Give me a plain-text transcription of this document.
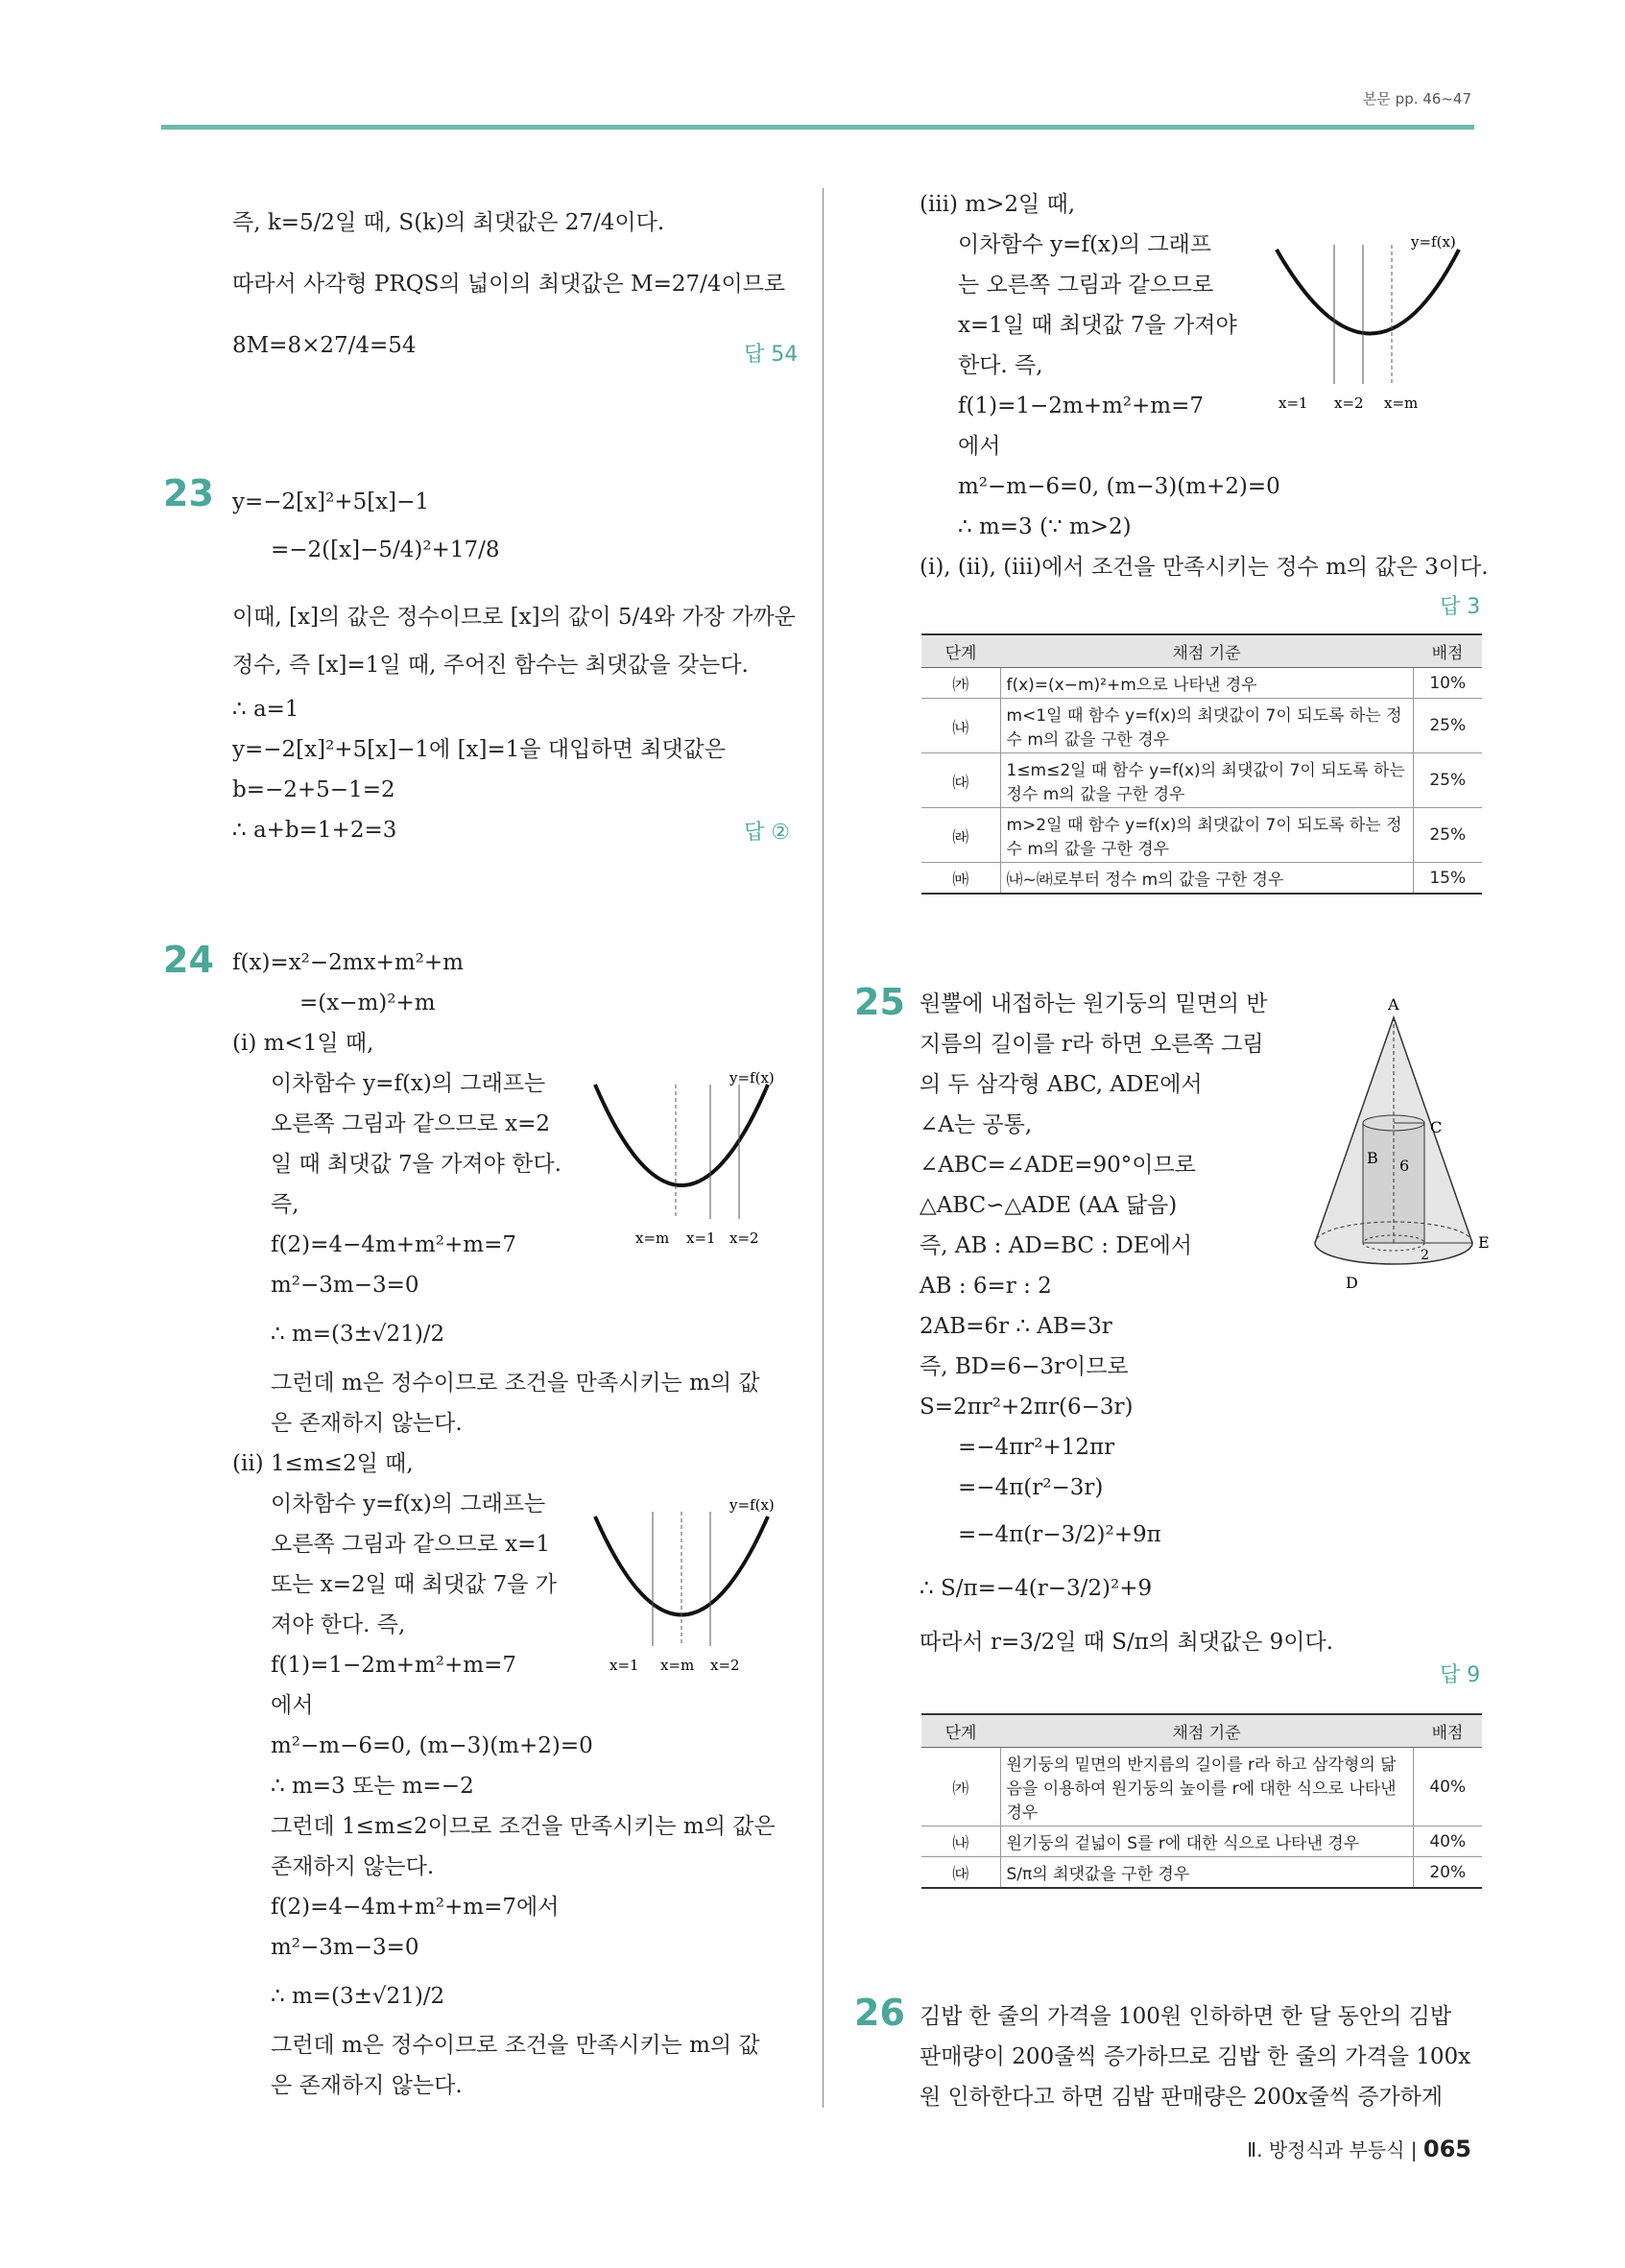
본문 pp. 46~47
즉, k=5/2일 때, S(k)의 최댓값은 27/4이다.
따라서 사각형 PRQS의 넓이의 최댓값은 M=27/4이므로
8M=8×27/4=54	답 54
23 y=−2[x]²+5[x]−1
=−2([x]−5/4)²+17/8
이때, [x]의 값은 정수이므로 [x]의 값이 5/4와 가장 가까운
정수, 즉 [x]=1일 때, 주어진 함수는 최댓값을 갖는다.
∴ a=1
y=−2[x]²+5[x]−1에 [x]=1을 대입하면 최댓값은
b=−2+5−1=2
∴ a+b=1+2=3	답 ②
24 f(x)=x²−2mx+m²+m
=(x−m)²+m
(ⅰ) m<1일 때,
이차함수 y=f(x)의 그래프는
오른쪽 그림과 같으므로 x=2
일 때 최댓값 7을 가져야 한다.
즉,
f(2)=4−4m+m²+m=7
m²−3m−3=0
∴ m=(3±√21)/2
그런데 m은 정수이므로 조건을 만족시키는 m의 값
은 존재하지 않는다.
(ⅱ) 1≤m≤2일 때,
이차함수 y=f(x)의 그래프는
오른쪽 그림과 같으므로 x=1
또는 x=2일 때 최댓값 7을 가
져야 한다. 즉,
f(1)=1−2m+m²+m=7
에서
m²−m−6=0, (m−3)(m+2)=0
∴ m=3 또는 m=−2
그런데 1≤m≤2이므로 조건을 만족시키는 m의 값은
존재하지 않는다.
f(2)=4−4m+m²+m=7에서
m²−3m−3=0
∴ m=(3±√21)/2
그런데 m은 정수이므로 조건을 만족시키는 m의 값
은 존재하지 않는다.
y=f(x)
x=m x=1 x=2
y=f(x)
x=1 x=m x=2
(ⅲ) m>2일 때,
이차함수 y=f(x)의 그래프
는 오른쪽 그림과 같으므로
x=1일 때 최댓값 7을 가져야
한다. 즉,
f(1)=1−2m+m²+m=7
에서
m²−m−6=0, (m−3)(m+2)=0
∴ m=3 (∵ m>2)
(ⅰ), (ⅱ), (ⅲ)에서 조건을 만족시키는 정수 m의 값은 3이다.
답 3
y=f(x)
x=1 x=2 x=m
단계	채점 기준	배점
㈎	f(x)=(x−m)²+m으로 나타낸 경우	10%
㈏	m<1일 때 함수 y=f(x)의 최댓값이 7이 되도록 하는 정수 m의 값을 구한 경우	25%
㈐	1≤m≤2일 때 함수 y=f(x)의 최댓값이 7이 되도록 하는 정수 m의 값을 구한 경우	25%
㈑	m>2일 때 함수 y=f(x)의 최댓값이 7이 되도록 하는 정수 m의 값을 구한 경우	25%
㈒	㈏~㈑로부터 정수 m의 값을 구한 경우	15%
25 원뿔에 내접하는 원기둥의 밑면의 반
지름의 길이를 r라 하면 오른쪽 그림
의 두 삼각형 ABC, ADE에서
∠A는 공통,
∠ABC=∠ADE=90°이므로
△ABC∽△ADE (AA 닮음)
즉, AB : AD=BC : DE에서
AB : 6=r : 2
2AB=6r ∴ AB=3r
즉, BD=6−3r이므로
S=2πr²+2πr(6−3r)
=−4πr²+12πr
=−4π(r²−3r)
=−4π(r−3/2)²+9π
∴ S/π=−4(r−3/2)²+9
따라서 r=3/2일 때 S/π의 최댓값은 9이다.
답 9
A
B
C
D
E
6
2
단계	채점 기준	배점
㈎	원기둥의 밑면의 반지름의 길이를 r라 하고 삼각형의 닮음을 이용하여 원기둥의 높이를 r에 대한 식으로 나타낸 경우	40%
㈏	원기둥의 겉넓이 S를 r에 대한 식으로 나타낸 경우	40%
㈐	S/π의 최댓값을 구한 경우	20%
26 김밥 한 줄의 가격을 100원 인하하면 한 달 동안의 김밥
판매량이 200줄씩 증가하므로 김밥 한 줄의 가격을 100x
원 인하한다고 하면 김밥 판매량은 200x줄씩 증가하게
Ⅱ. 방정식과 부등식 | 065
